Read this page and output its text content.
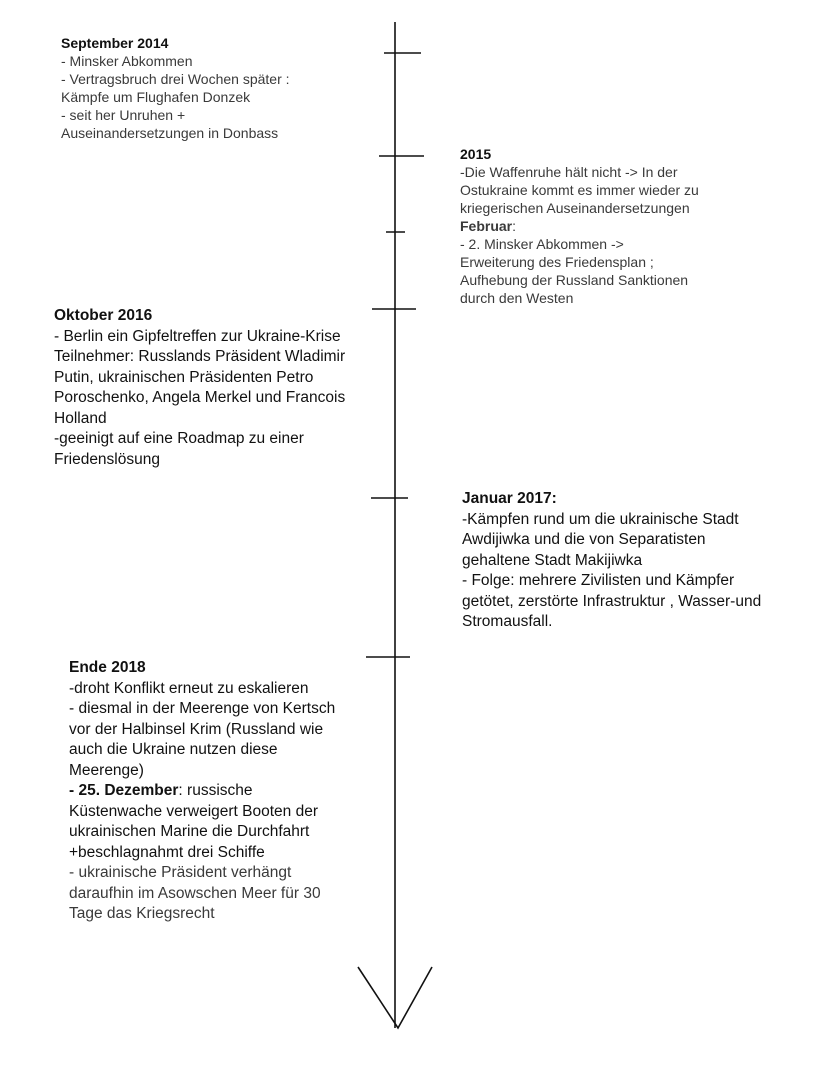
September 2014
- Minsker Abkommen
- Vertragsbruch drei Wochen später :
Kämpfe um Flughafen Donzek
- seit her Unruhen +
Auseinandersetzungen in Donbass
2015
-Die Waffenruhe hält nicht -> In der
Ostukraine kommt es immer wieder zu
kriegerischen Auseinandersetzungen
Februar:
- 2. Minsker Abkommen ->
Erweiterung des Friedensplan ;
Aufhebung der Russland Sanktionen
durch den Westen
Oktober 2016
- Berlin ein Gipfeltreffen zur Ukraine-Krise
Teilnehmer: Russlands Präsident Wladimir
Putin, ukrainischen Präsidenten Petro
Poroschenko, Angela Merkel und Francois
Holland
-geeinigt auf eine Roadmap zu einer
Friedenslösung
Januar 2017:
-Kämpfen rund um die ukrainische Stadt
Awdijiwka und die von Separatisten
gehaltene Stadt Makijiwka
- Folge: mehrere Zivilisten und Kämpfer
getötet, zerstörte Infrastruktur , Wasser-und
Stromausfall.
Ende 2018
-droht Konflikt erneut zu eskalieren
- diesmal in der Meerenge von Kertsch
vor der Halbinsel Krim (Russland wie
auch die Ukraine nutzen diese
Meerenge)
- 25. Dezember: russische
Küstenwache verweigert Booten der
ukrainischen Marine die Durchfahrt
+beschlagnahmt drei Schiffe
- ukrainische Präsident verhängt
daraufhin im Asowschen Meer für 30
Tage das Kriegsrecht
